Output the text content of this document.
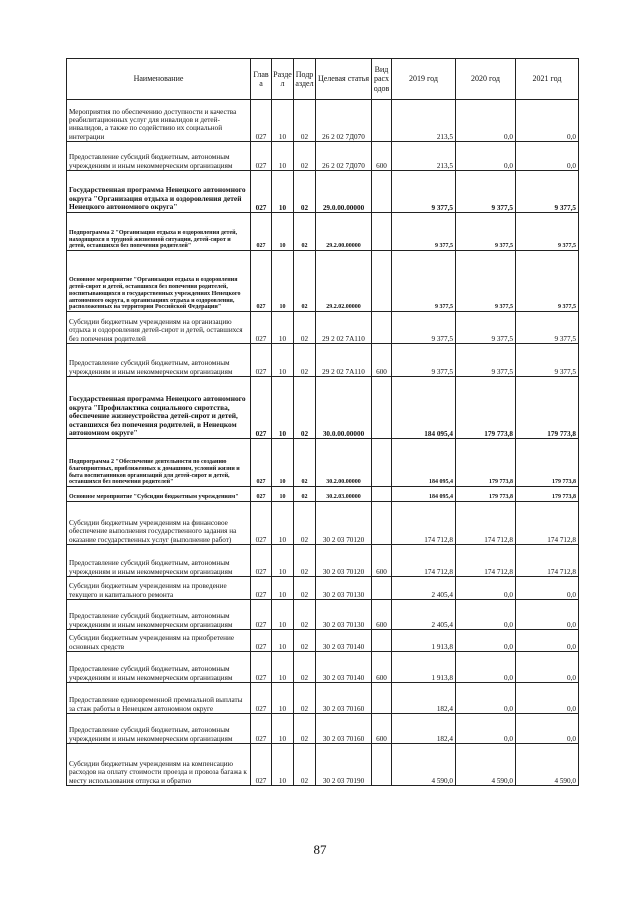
Наименование	Глав а	Разде л	Подр аздел	Целевая статья	Вид расх одов	2019 год	2020 год	2021 год
Мероприятия по обеспечению доступности и качества реабилитационных услуг для инвалидов и детей-инвалидов, а также по содействию их социальной интеграции	027	10	02	26 2 02 7Д070		213,5	0,0	0,0
Предоставление субсидий бюджетным, автономным учреждениям и иным некоммерческим организациям	027	10	02	26 2 02 7Д070	600	213,5	0,0	0,0
Государственная программа Ненецкого автономного округа "Организация отдыха и оздоровления детей Ненецкого автономного округа"	027	10	02	29.0.00.00000		9 377,5	9 377,5	9 377,5
Подпрограмма 2 "Организация отдыха и оздоровления детей, находящихся в трудной жизненной ситуации, детей-сирот и детей, оставшихся без попечения родителей"	027	10	02	29.2.00.00000		9 377,5	9 377,5	9 377,5
Основное мероприятие "Организация отдыха и оздоровления детей-сирот и детей, оставшихся без попечения родителей, воспитывающихся в государственных учреждениях Ненецкого автономного округа, в организациях отдыха и оздоровления, расположенных на территории Российской Федерации"	027	10	02	29.2.02.00000		9 377,5	9 377,5	9 377,5
Субсидии бюджетным учреждениям на организацию отдыха и оздоровления детей-сирот и детей, оставшихся без попечения родителей	027	10	02	29 2 02 7А110		9 377,5	9 377,5	9 377,5
Предоставление субсидий бюджетным, автономным учреждениям и иным некоммерческим организациям	027	10	02	29 2 02 7А110	600	9 377,5	9 377,5	9 377,5
Государственная программа Ненецкого автономного округа "Профилактика социального сиротства, обеспечение жизнеустройства детей-сирот и детей, оставшихся без попечения родителей, в Ненецком автономном округе"	027	10	02	30.0.00.00000		184 095,4	179 773,8	179 773,8
Подпрограмма 2 "Обеспечение деятельности по созданию благоприятных, приближенных к домашним, условий жизни и быта воспитанников организаций для детей-сирот и детей, оставшихся без попечения родителей"	027	10	02	30.2.00.00000		184 095,4	179 773,8	179 773,8
Основное мероприятие "Субсидии бюджетным учреждениям"	027	10	02	30.2.03.00000		184 095,4	179 773,8	179 773,8
Субсидии бюджетным учреждениям на финансовое обеспечение выполнения государственного задания на оказание государственных услуг (выполнение работ)	027	10	02	30 2 03 70120		174 712,8	174 712,8	174 712,8
Предоставление субсидий бюджетным, автономным учреждениям и иным некоммерческим организациям	027	10	02	30 2 03 70120	600	174 712,8	174 712,8	174 712,8
Субсидии бюджетным учреждениям на проведение текущего и капитального ремонта	027	10	02	30 2 03 70130		2 405,4	0,0	0,0
Предоставление субсидий бюджетным, автономным учреждениям и иным некоммерческим организациям	027	10	02	30 2 03 70130	600	2 405,4	0,0	0,0
Субсидии бюджетным учреждениям на приобретение основных средств	027	10	02	30 2 03 70140		1 913,8	0,0	0,0
Предоставление субсидий бюджетным, автономным учреждениям и иным некоммерческим организациям	027	10	02	30 2 03 70140	600	1 913,8	0,0	0,0
Предоставление единовременной премиальной выплаты за стаж работы в Ненецком автономном округе	027	10	02	30 2 03 70160		182,4	0,0	0,0
Предоставление субсидий бюджетным, автономным учреждениям и иным некоммерческим организациям	027	10	02	30 2 03 70160	600	182,4	0,0	0,0
Субсидии бюджетным учреждениям на компенсацию расходов на оплату стоимости проезда и провоза багажа к месту использования отпуска и обратно	027	10	02	30 2 03 70190		4 590,0	4 590,0	4 590,0
87
